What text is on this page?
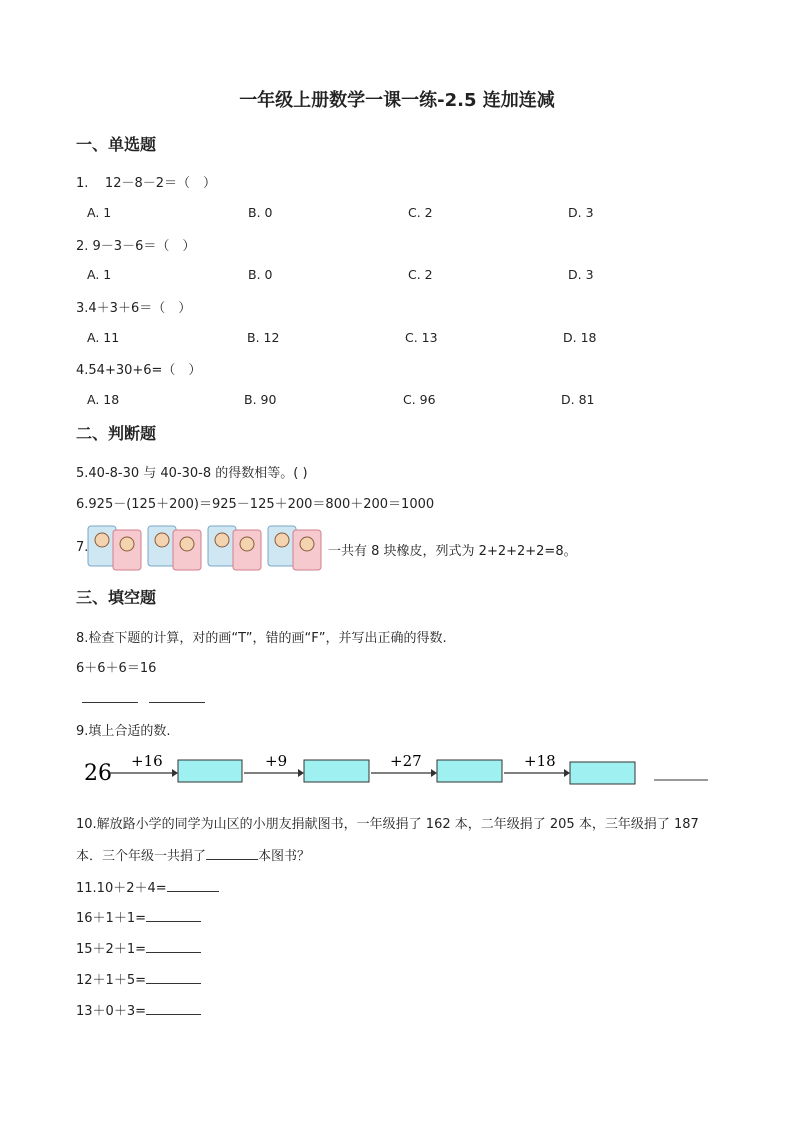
一年级上册数学一课一练-2.5 连加连减
一、单选题
1.    12－8－2＝（　）
A. 1	B. 0	C. 2	D. 3
2. 9－3－6＝（　）
A. 1	B. 0	C. 2	D. 3
3.4＋3＋6＝（　）
A. 11	B. 12	C. 13	D. 18
4.54+30+6=（　）
A. 18	B. 90	C. 96	D. 81
二、判断题
5.40-8-30 与 40-30-8 的得数相等。( )
6.925－(125＋200)＝925－125＋200＝800＋200＝1000
7.	一共有 8 块橡皮，列式为 2+2+2+2=8。
三、填空题
8.检查下题的计算，对的画“T”，错的画“F”，并写出正确的得数.
6＋6＋6＝16

9.填上合适的数.
26 +16	+9	+27	+18
10.解放路小学的同学为山区的小朋友捐献图书，一年级捐了 162 本，二年级捐了 205 本，三年级捐了 187
本．三个年级一共捐了	本图书？
11.10＋2＋4=
16＋1＋1=
15＋2＋1=
12＋1＋5=
13＋0＋3=
